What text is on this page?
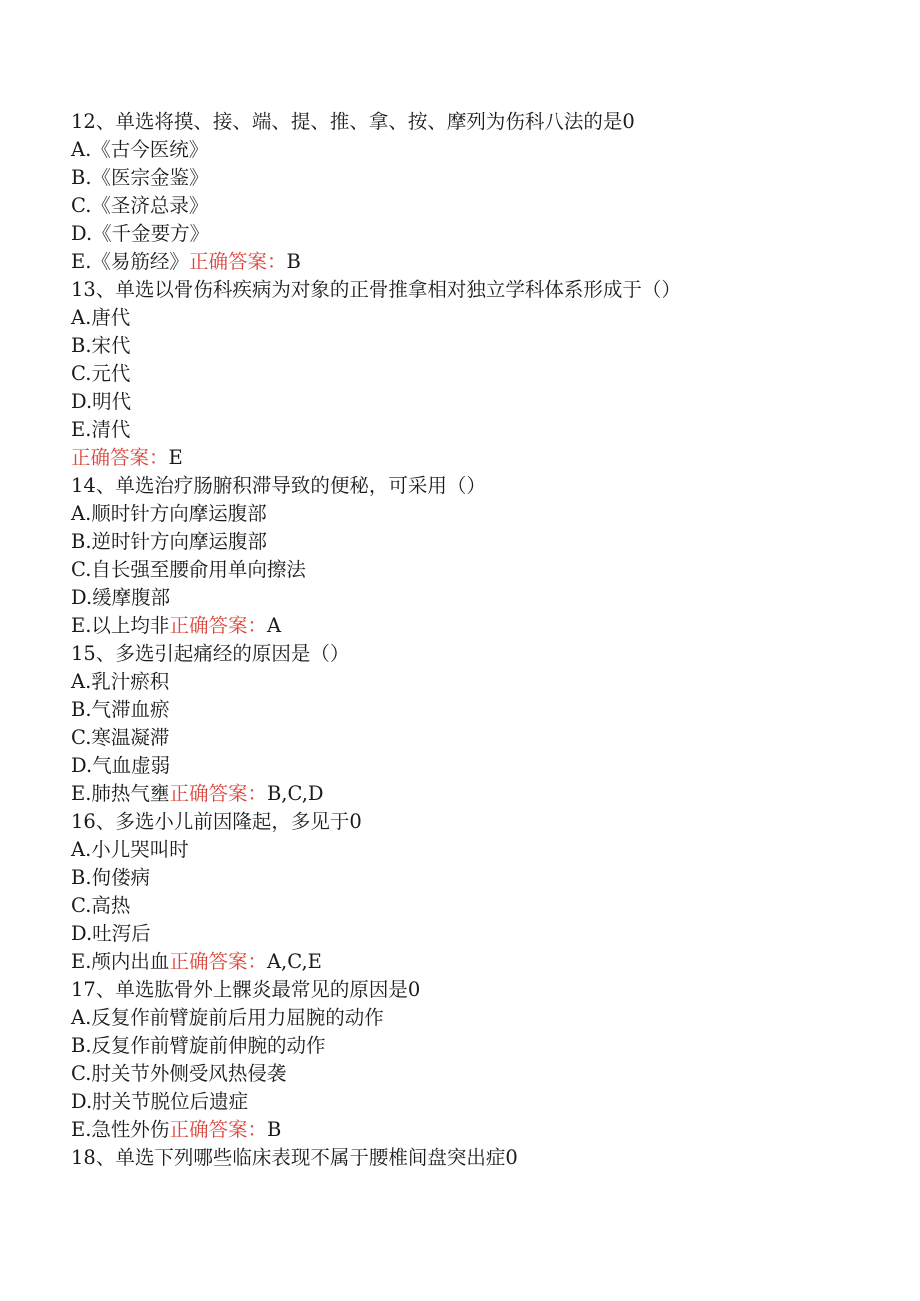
12、单选将摸、接、端、提、推、拿、按、摩列为伤科八法的是0
A.《古今医统》
B.《医宗金鉴》
C.《圣济总录》
D.《千金要方》
E.《易筋经》正确答案：B
13、单选以骨伤科疾病为对象的正骨推拿相对独立学科体系形成于（）
A.唐代
B.宋代
C.元代
D.明代
E.清代
正确答案：E
14、单选治疗肠腑积滞导致的便秘，可采用（）
A.顺时针方向摩运腹部
B.逆时针方向摩运腹部
C.自长强至腰俞用单向擦法
D.缓摩腹部
E.以上均非正确答案：A
15、多选引起痛经的原因是（）
A.乳汁瘀积
B.气滞血瘀
C.寒温凝滞
D.气血虚弱
E.肺热气壅正确答案：B,C,D
16、多选小儿前因隆起，多见于0
A.小儿哭叫时
B.佝偻病
C.高热
D.吐泻后
E.颅内出血正确答案：A,C,E
17、单选肱骨外上髁炎最常见的原因是0
A.反复作前臂旋前后用力屈腕的动作
B.反复作前臂旋前伸腕的动作
C.肘关节外侧受风热侵袭
D.肘关节脱位后遗症
E.急性外伤正确答案：B
18、单选下列哪些临床表现不属于腰椎间盘突出症0
